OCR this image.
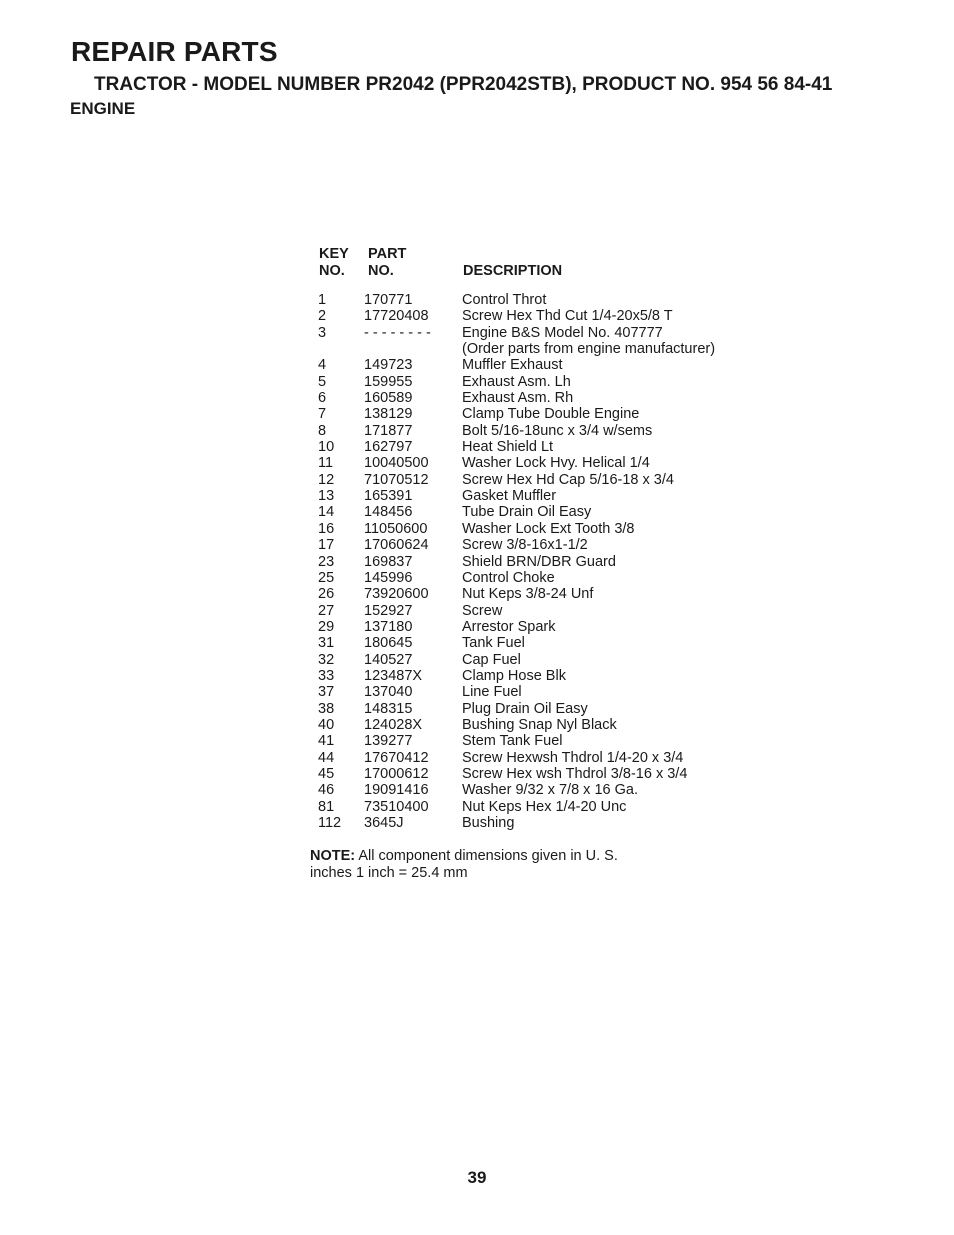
REPAIR PARTS
TRACTOR - MODEL NUMBER PR2042 (PPR2042STB), PRODUCT NO. 954 56 84-41
ENGINE
KEY
NO.
PART
NO.	DESCRIPTION
1	170771	Control Throt
2	17720408 Screw Hex Thd Cut 1/4-20x5/8 T
3	- - - - - - - - Engine B&S Model No. 407777
(Order parts from engine manufacturer)
4	149723	Muffler Exhaust
5	159955	Exhaust Asm. Lh
6	160589	Exhaust Asm. Rh
7	138129	Clamp Tube Double Engine
8	171877	Bolt 5/16-18unc x 3/4 w/sems
10 162797	Heat Shield Lt
11 10040500 Washer Lock Hvy. Helical 1/4
12 71070512 Screw Hex Hd Cap 5/16-18 x 3/4
13 165391	Gasket Muffler
14 148456	Tube Drain Oil Easy
16 11050600 Washer Lock Ext Tooth 3/8
17 17060624 Screw 3/8-16x1-1/2
23 169837	Shield BRN/DBR Guard
25 145996	Control Choke
26 73920600 Nut Keps 3/8-24 Unf
27 152927	Screw
29 137180	Arrestor Spark
31 180645	Tank Fuel
32 140527	Cap Fuel
33 123487X	Clamp Hose Blk
37 137040	Line Fuel
38 148315	Plug Drain Oil Easy
40 124028X	Bushing Snap Nyl Black
41 139277	Stem Tank Fuel
44 17670412 Screw Hexwsh Thdrol 1/4-20 x 3/4
45 17000612 Screw Hex wsh Thdrol 3/8-16 x 3/4
46 19091416 Washer 9/32 x 7/8 x 16 Ga.
81 73510400 Nut Keps Hex 1/4-20 Unc
112 3645J	Bushing
NOTE: All component dimensions given in U. S.
inches 1 inch = 25.4 mm
39
